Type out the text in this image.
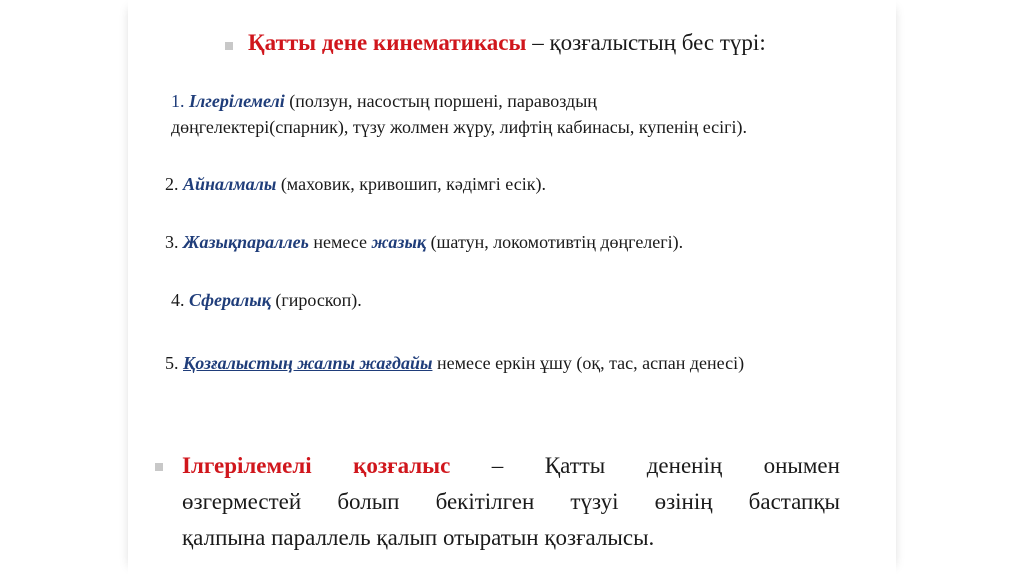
Қатты дене кинематикасы – қозғалыстың бес түрі:
1. Ілгерілемелі (ползун, насостың поршені, паравоздың
дөңгелектері(спарник), түзу жолмен жүру, лифтің кабинасы, купенің есігі).
2. Айналмалы (маховик, кривошип, кәдімгі есік).
3. Жазықпараллеь немесе жазық (шатун, локомотивтің дөңгелегі).
4. Сфералық (гироскоп).
5. Қозғалыстың жалпы жағдайы немесе еркін ұшу (оқ, тас, аспан денесі)
Ілгерілемелі қозғалыс – Қатты дененің онымен
өзгерместей болып бекітілген түзуі өзінің бастапқы
қалпына параллель қалып отыратын қозғалысы.
